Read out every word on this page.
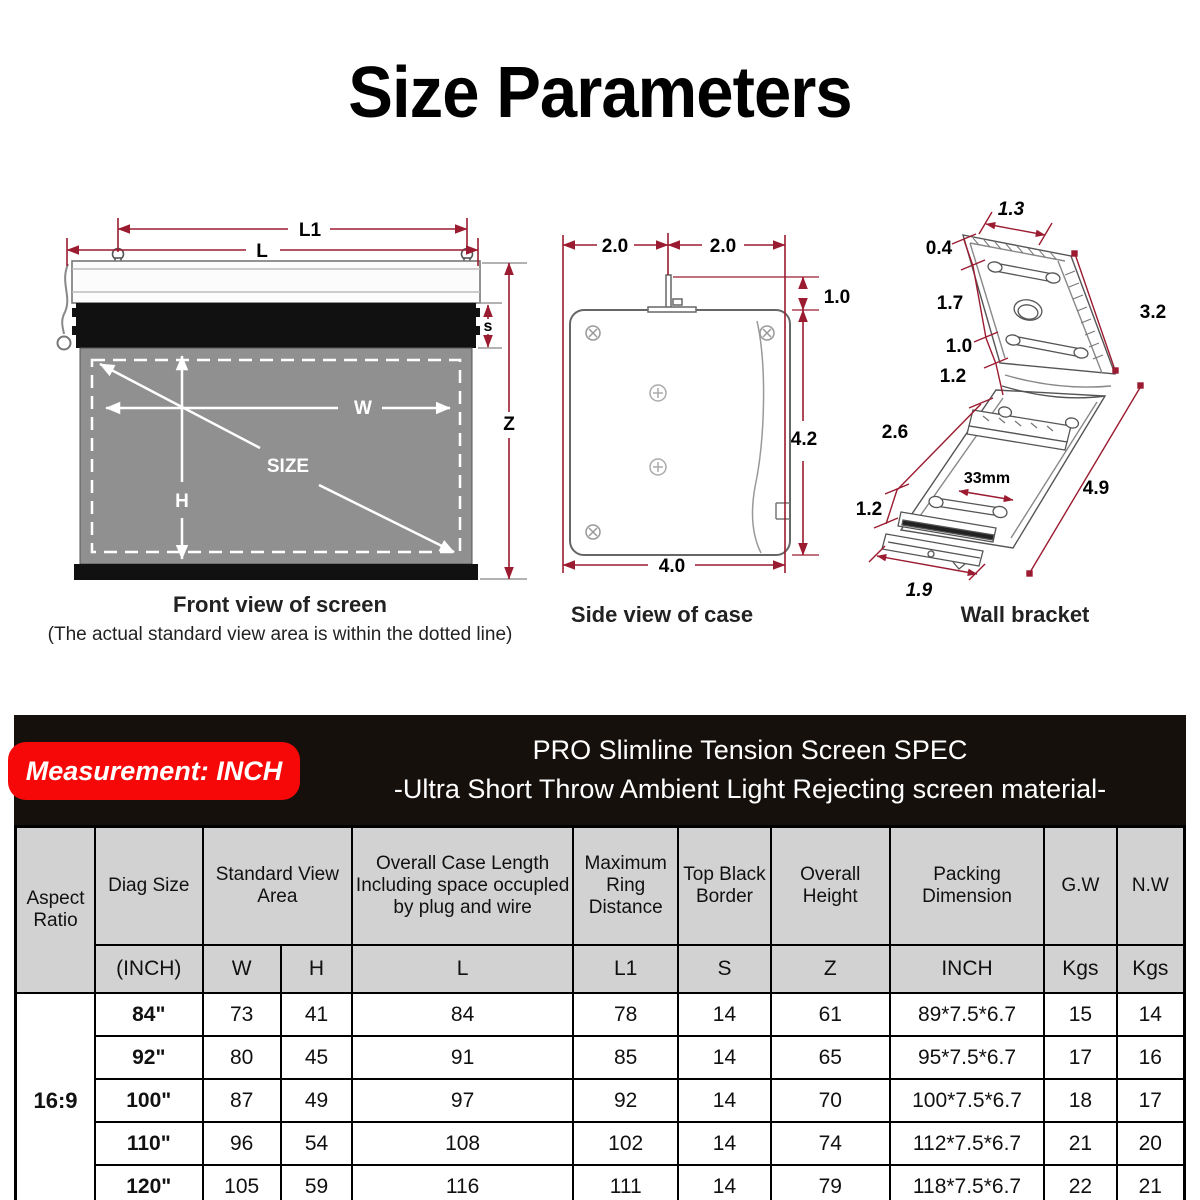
Size Parameters
W
H
SIZE
L1
L
Z
s
Front view of screen
(The actual standard view area is within the dotted line)
2.0	2.0
1.0
4.2
4.0
Side view of case
1.3
0.4
1.7	3.2
1.0
1.2
2.6
33mm	4.9
1.2
1.9
Wall bracket
Measurement: INCH
PRO Slimline Tension Screen SPEC
-Ultra Short Throw Ambient Light Rejecting screen material-
Aspect Ratio	Diag Size	Standard View Area		Overall Case Length Including space occupled by plug and wire	Maximum Ring Distance	Top Black Border	Overall Height	Packing Dimension	G.W	N.W
	(INCH)	W	H	L	L1	S	Z	INCH	Kgs	Kgs
16:9	84"	73	41	84	78	14	61	89*7.5*6.7	15	14
	92"	80	45	91	85	14	65	95*7.5*6.7	17	16
	100"	87	49	97	92	14	70	100*7.5*6.7	18	17
	110"	96	54	108	102	14	74	112*7.5*6.7	21	20
	120"	105	59	116	111	14	79	118*7.5*6.7	22	21
